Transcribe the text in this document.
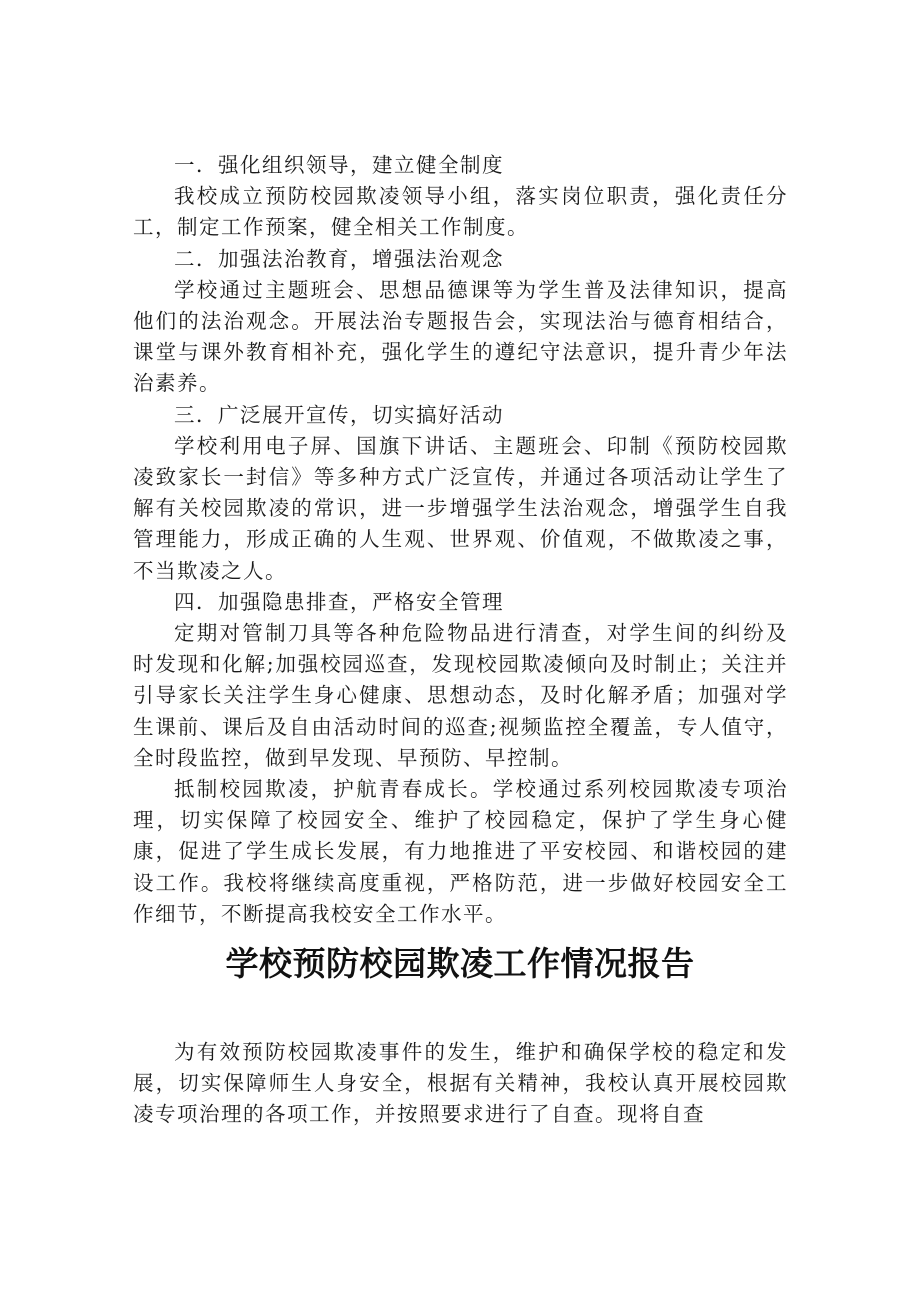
一．强化组织领导，建立健全制度

我校成立预防校园欺凌领导小组，落实岗位职责，强化责任分工，制定工作预案，健全相关工作制度。

二．加强法治教育，增强法治观念

学校通过主题班会、思想品德课等为学生普及法律知识，提高他们的法治观念。开展法治专题报告会，实现法治与德育相结合，课堂与课外教育相补充，强化学生的遵纪守法意识，提升青少年法治素养。

三．广泛展开宣传，切实搞好活动

学校利用电子屏、国旗下讲话、主题班会、印制《预防校园欺凌致家长一封信》等多种方式广泛宣传，并通过各项活动让学生了解有关校园欺凌的常识，进一步增强学生法治观念，增强学生自我管理能力，形成正确的人生观、世界观、价值观，不做欺凌之事，不当欺凌之人。

四．加强隐患排查，严格安全管理

定期对管制刀具等各种危险物品进行清查，对学生间的纠纷及时发现和化解;加强校园巡查，发现校园欺凌倾向及时制止；关注并引导家长关注学生身心健康、思想动态，及时化解矛盾；加强对学生课前、课后及自由活动时间的巡查;视频监控全覆盖，专人值守，全时段监控，做到早发现、早预防、早控制。

抵制校园欺凌，护航青春成长。学校通过系列校园欺凌专项治理，切实保障了校园安全、维护了校园稳定，保护了学生身心健康，促进了学生成长发展，有力地推进了平安校园、和谐校园的建设工作。我校将继续高度重视，严格防范，进一步做好校园安全工作细节，不断提高我校安全工作水平。

学校预防校园欺凌工作情况报告

为有效预防校园欺凌事件的发生，维护和确保学校的稳定和发展，切实保障师生人身安全，根据有关精神，我校认真开展校园欺凌专项治理的各项工作，并按照要求进行了自查。现将自查
